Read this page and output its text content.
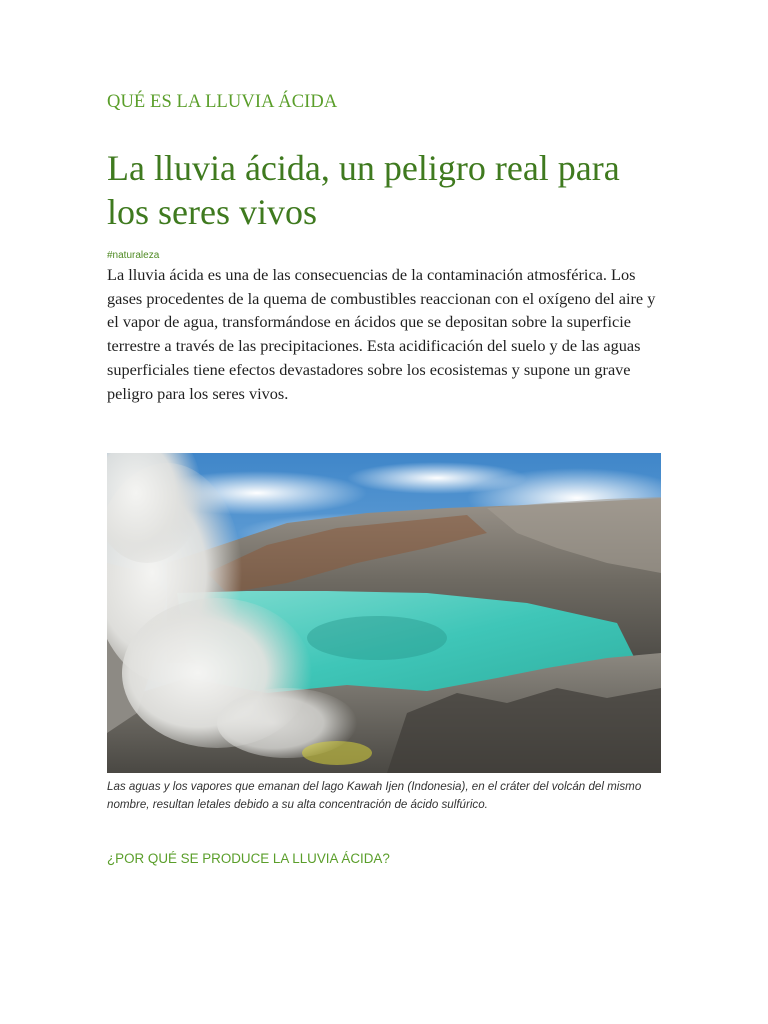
QUÉ ES LA LLUVIA ÁCIDA
La lluvia ácida, un peligro real para los seres vivos
#naturaleza

La lluvia ácida es una de las consecuencias de la contaminación atmosférica. Los gases procedentes de la quema de combustibles reaccionan con el oxígeno del aire y el vapor de agua, transformándose en ácidos que se depositan sobre la superficie terrestre a través de las precipitaciones. Esta acidificación del suelo y de las aguas superficiales tiene efectos devastadores sobre los ecosistemas y supone un grave peligro para los seres vivos.

Las aguas y los vapores que emanan del lago Kawah Ijen (Indonesia), en el cráter del volcán del mismo nombre, resultan letales debido a su alta concentración de ácido sulfúrico.

¿POR QUÉ SE PRODUCE LA LLUVIA ÁCIDA?
